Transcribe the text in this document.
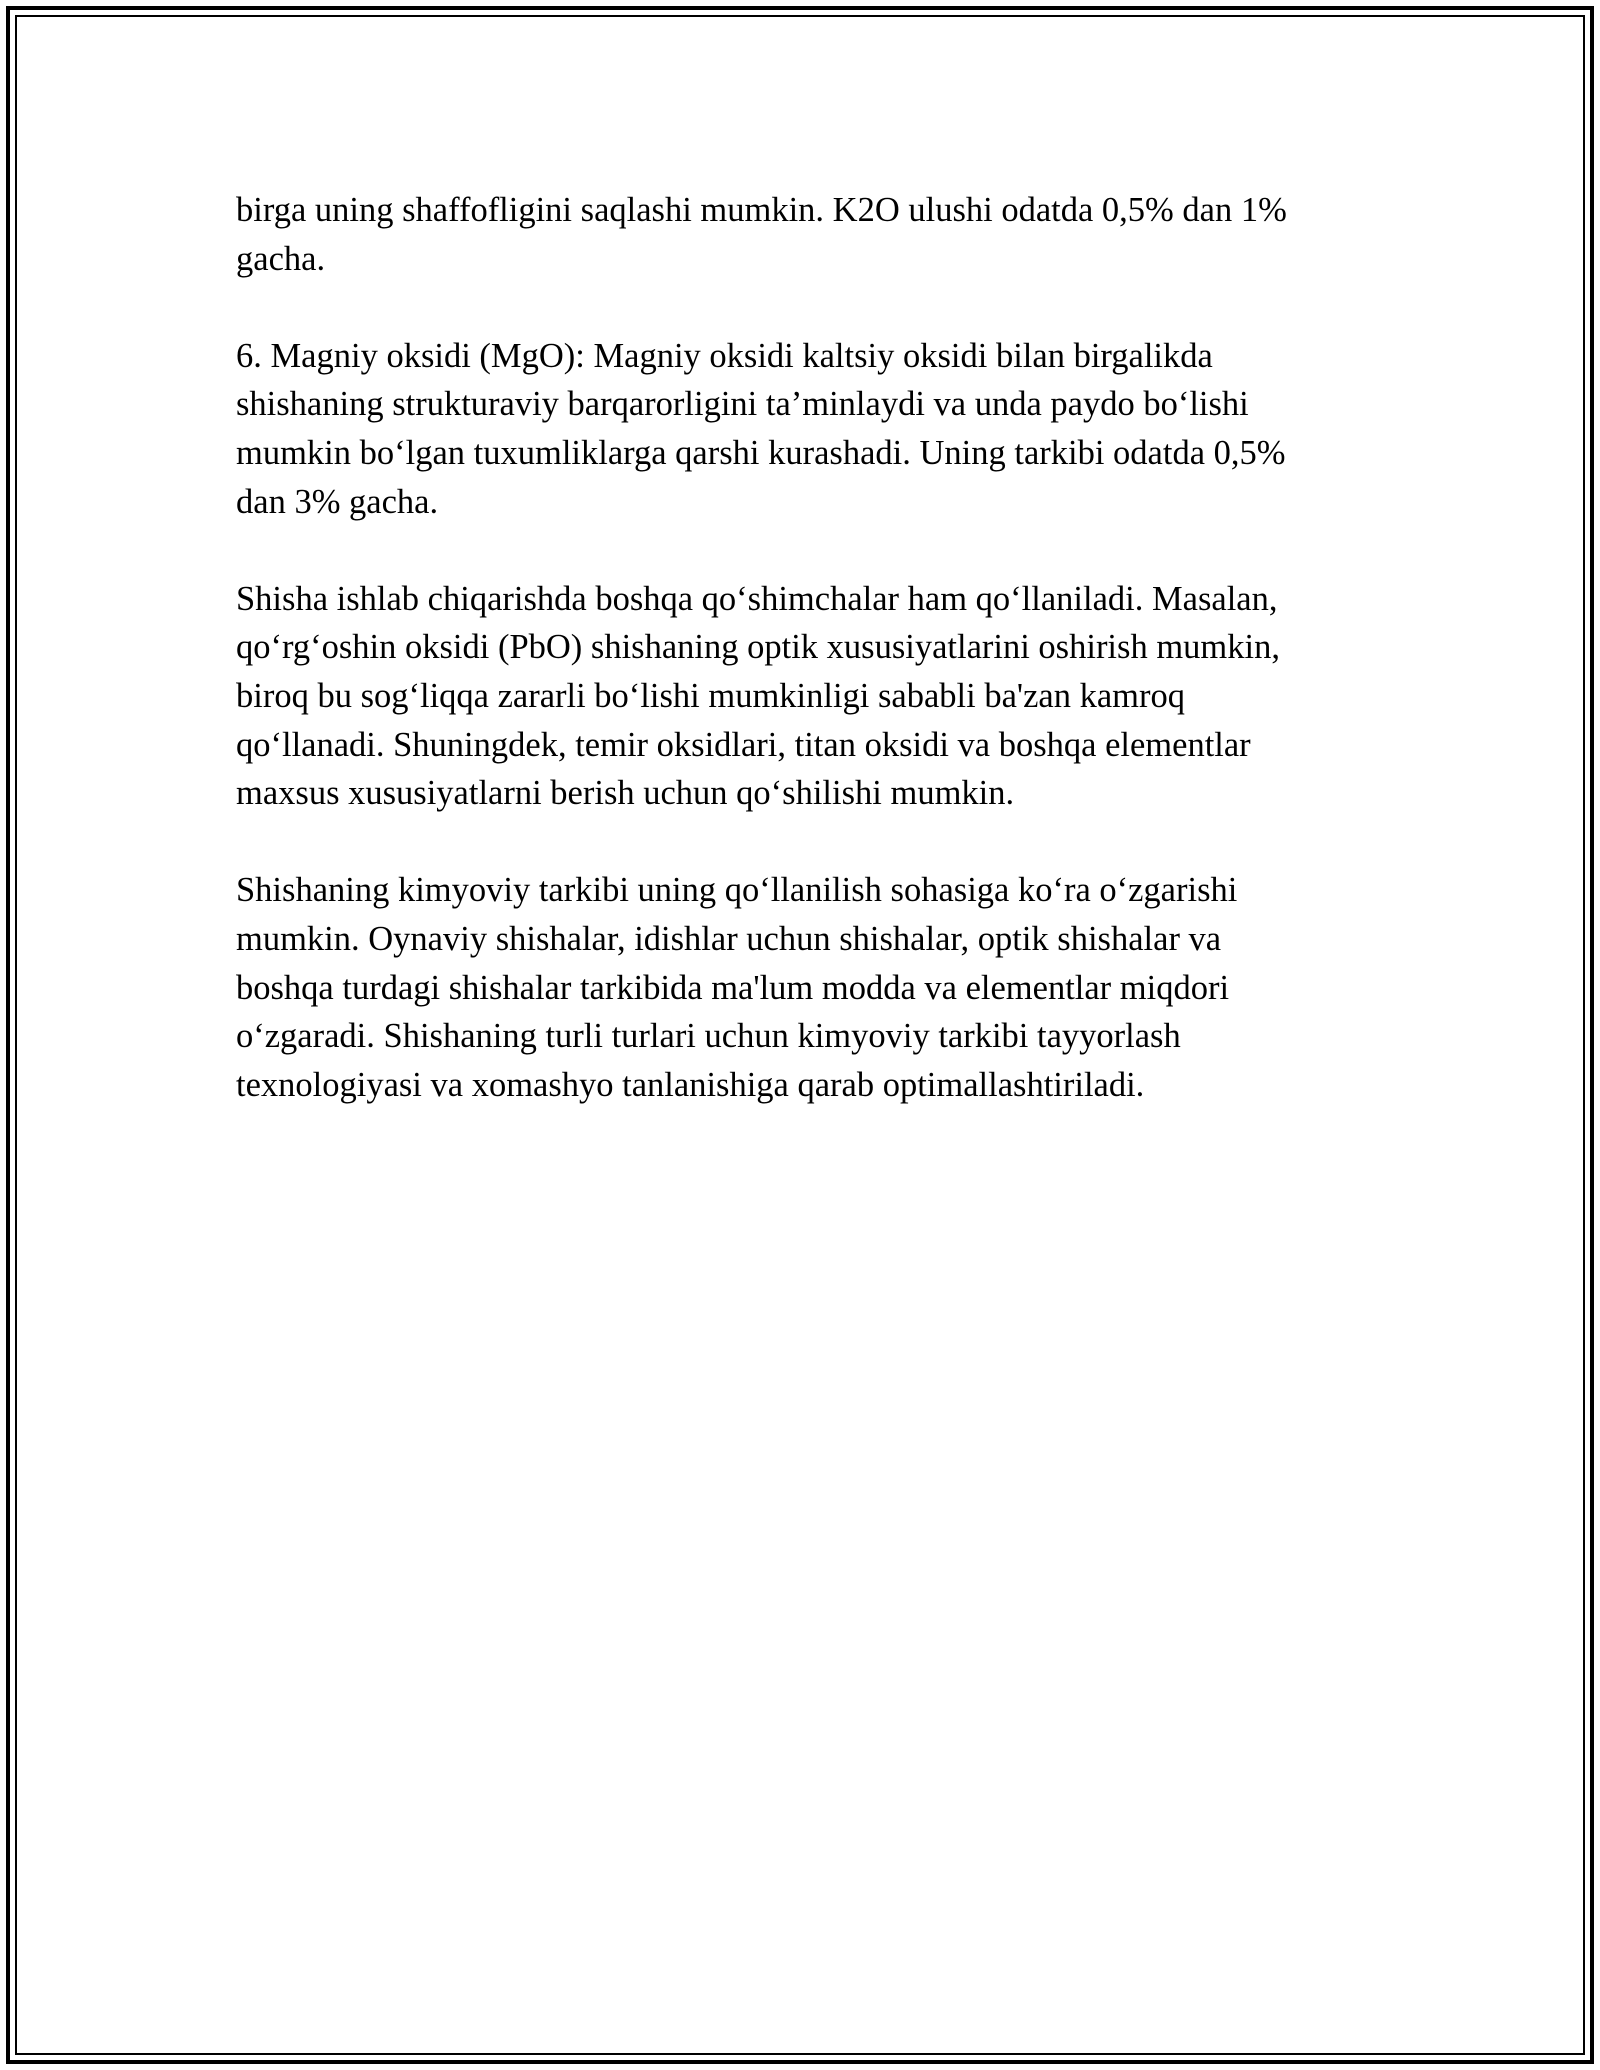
birga uning shaffofligini saqlashi mumkin. K2O ulushi odatda 0,5% dan 1%
gacha.

6. Magniy oksidi (MgO): Magniy oksidi kaltsiy oksidi bilan birgalikda
shishaning strukturaviy barqarorligini ta’minlaydi va unda paydo bo‘lishi
mumkin bo‘lgan tuxumliklarga qarshi kurashadi. Uning tarkibi odatda 0,5%
dan 3% gacha.

Shisha ishlab chiqarishda boshqa qo‘shimchalar ham qo‘llaniladi. Masalan,
qo‘rg‘oshin oksidi (PbO) shishaning optik xususiyatlarini oshirish mumkin,
biroq bu sog‘liqqa zararli bo‘lishi mumkinligi sababli ba'zan kamroq
qo‘llanadi. Shuningdek, temir oksidlari, titan oksidi va boshqa elementlar
maxsus xususiyatlarni berish uchun qo‘shilishi mumkin.

Shishaning kimyoviy tarkibi uning qo‘llanilish sohasiga ko‘ra o‘zgarishi
mumkin. Oynaviy shishalar, idishlar uchun shishalar, optik shishalar va
boshqa turdagi shishalar tarkibida ma'lum modda va elementlar miqdori
o‘zgaradi. Shishaning turli turlari uchun kimyoviy tarkibi tayyorlash
texnologiyasi va xomashyo tanlanishiga qarab optimallashtiriladi.
